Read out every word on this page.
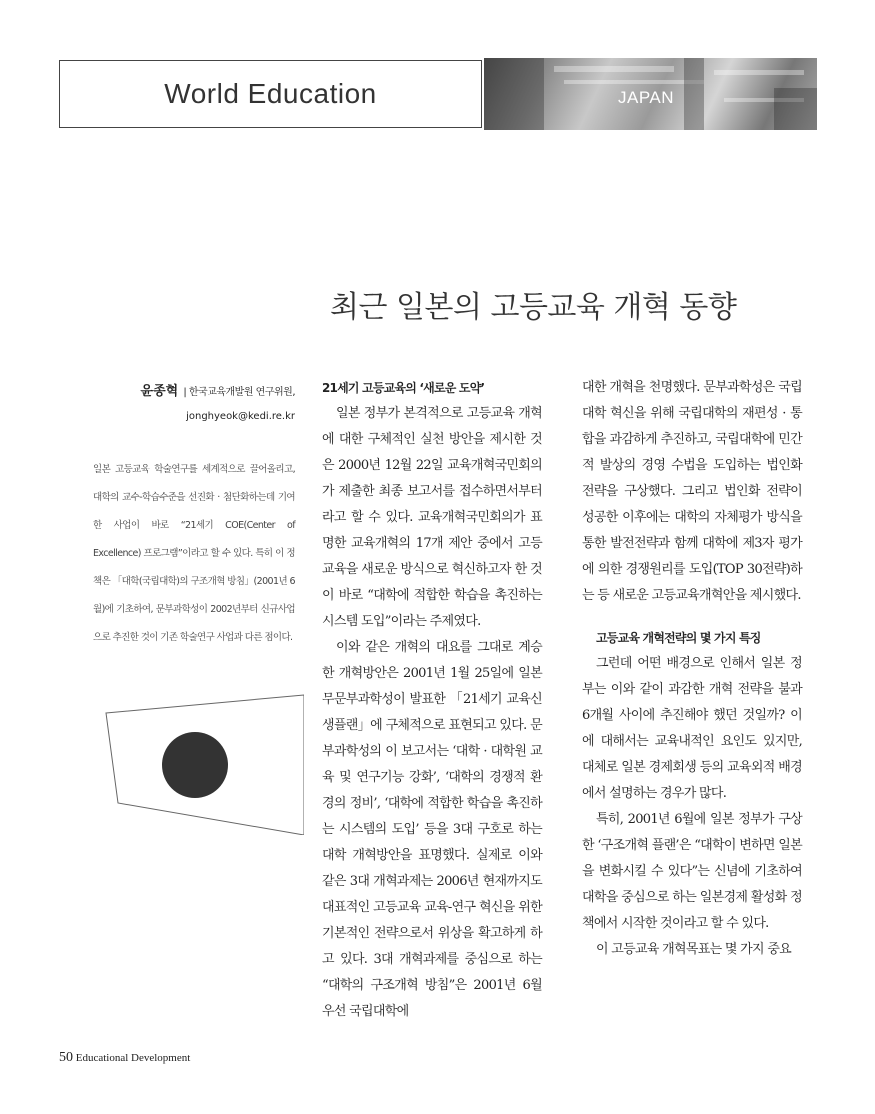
World Education	JAPAN
최근 일본의 고등교육 개혁 동향
윤종혁 | 한국교육개발원 연구위원,
jonghyeok@kedi.re.kr
일본 고등교육 학술연구를 세계적으로 끌어올리고, 대학의 교수-학습수준을 선진화 · 첨단화하는데 기여한 사업이 바로 “21세기 COE(Center of Excellence) 프로그램”이라고 할 수 있다. 특히 이 정책은 「대학(국립대학)의 구조개혁 방침」(2001년 6월)에 기초하여, 문부과학성이 2002년부터 신규사업으로 추진한 것이 기존 학술연구 사업과 다른 점이다.

21세기 고등교육의 ‘새로운 도약’

일본 정부가 본격적으로 고등교육 개혁에 대한 구체적인 실천 방안을 제시한 것은 2000년 12월 22일 교육개혁국민회의가 제출한 최종 보고서를 접수하면서부터라고 할 수 있다. 교육개혁국민회의가 표명한 교육개혁의 17개 제안 중에서 고등교육을 새로운 방식으로 혁신하고자 한 것이 바로 “대학에 적합한 학습을 촉진하는 시스템 도입”이라는 주제였다.

이와 같은 개혁의 대요를 그대로 계승한 개혁방안은 2001년 1월 25일에 일본 무문부과학성이 발표한 「21세기 교육신생플랜」에 구체적으로 표현되고 있다. 문부과학성의 이 보고서는 ‘대학 · 대학원 교육 및 연구기능 강화’, ‘대학의 경쟁적 환경의 정비’, ‘대학에 적합한 학습을 촉진하는 시스템의 도입’ 등을 3대 구호로 하는 대학 개혁방안을 표명했다. 실제로 이와 같은 3대 개혁과제는 2006년 현재까지도 대표적인 고등교육 교육-연구 혁신을 위한 기본적인 전략으로서 위상을 확고하게 하고 있다. 3대 개혁과제를 중심으로 하는 “대학의 구조개혁 방침”은 2001년 6월 우선 국립대학에

대한 개혁을 천명했다. 문부과학성은 국립대학 혁신을 위해 국립대학의 재편성 · 통합을 과감하게 추진하고, 국립대학에 민간적 발상의 경영 수법을 도입하는 법인화 전략을 구상했다. 그리고 법인화 전략이 성공한 이후에는 대학의 자체평가 방식을 통한 발전전략과 함께 대학에 제3자 평가에 의한 경쟁원리를 도입(TOP 30전략)하는 등 새로운 고등교육개혁안을 제시했다.

고등교육 개혁전략의 몇 가지 특징

그런데 어떤 배경으로 인해서 일본 정부는 이와 같이 과감한 개혁 전략을 불과 6개월 사이에 추진해야 했던 것일까? 이에 대해서는 교육내적인 요인도 있지만, 대체로 일본 경제회생 등의 교육외적 배경에서 설명하는 경우가 많다.

특히, 2001년 6월에 일본 정부가 구상한 ‘구조개혁 플랜’은 “대학이 변하면 일본을 변화시킬 수 있다”는 신념에 기초하여 대학을 중심으로 하는 일본경제 활성화 정책에서 시작한 것이라고 할 수 있다.

이 고등교육 개혁목표는 몇 가지 중요

50 Educational Development
